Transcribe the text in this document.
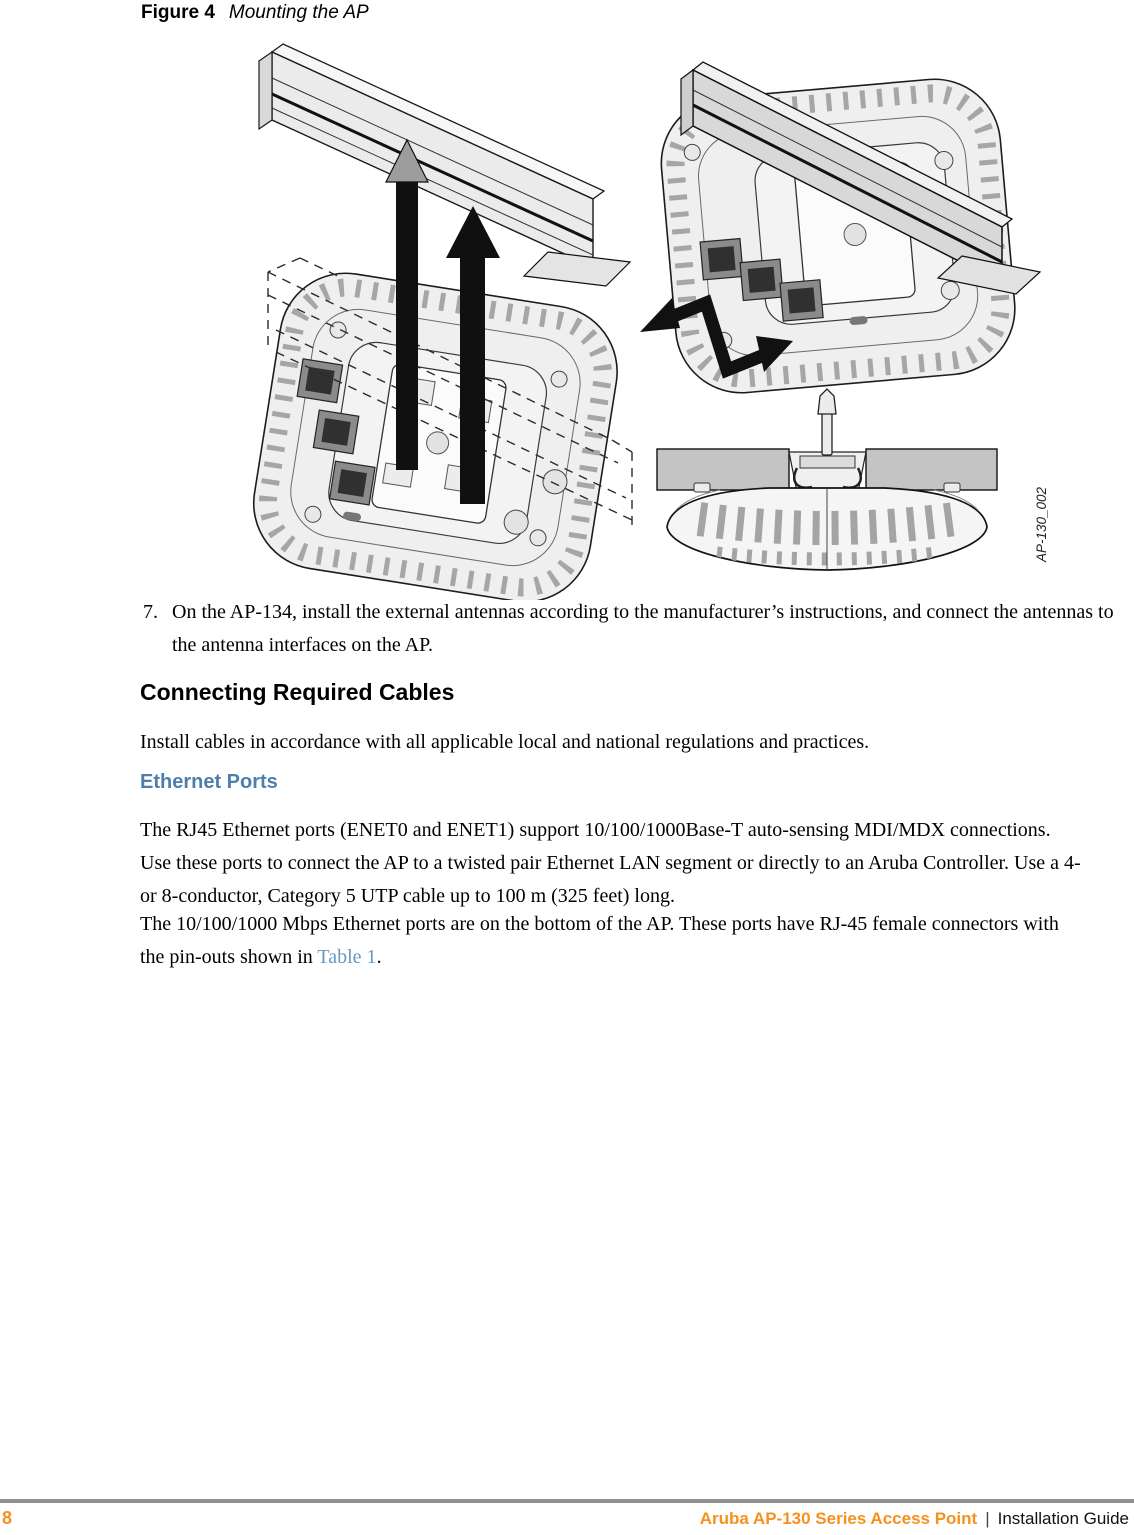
Figure 4 Mounting the AP
AP-130_002
7. On the AP-134, install the external antennas according to the manufacturer’s instructions, and connect the antennas to the antenna interfaces on the AP.

Connecting Required Cables

Install cables in accordance with all applicable local and national regulations and practices.

Ethernet Ports

The RJ45 Ethernet ports (ENET0 and ENET1) support 10/100/1000Base-T auto-sensing MDI/MDX connections. Use these ports to connect the AP to a twisted pair Ethernet LAN segment or directly to an Aruba Controller. Use a 4- or 8-conductor, Category 5 UTP cable up to 100 m (325 feet) long.

The 10/100/1000 Mbps Ethernet ports are on the bottom of the AP. These ports have RJ-45 female connectors with the pin-outs shown in Table 1.

8	Aruba AP-130 Series Access Point | Installation Guide
